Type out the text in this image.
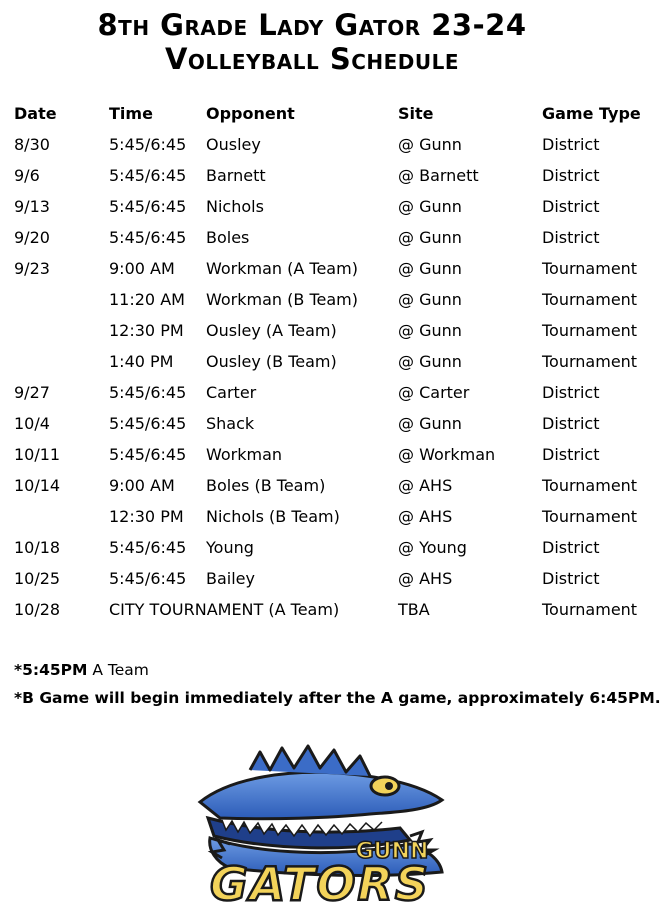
8th Grade Lady Gator 23-24
Volleyball Schedule
Date	Time	Opponent	Site	Game Type
8/30	5:45/6:45	Ousley	@ Gunn	District
9/6	5:45/6:45	Barnett	@ Barnett	District
9/13	5:45/6:45	Nichols	@ Gunn	District
9/20	5:45/6:45	Boles	@ Gunn	District
9/23	9:00 AM	Workman (A Team)	@ Gunn	Tournament
	11:20 AM	Workman (B Team)	@ Gunn	Tournament
	12:30 PM	Ousley (A Team)	@ Gunn	Tournament
	1:40 PM	Ousley (B Team)	@ Gunn	Tournament
9/27	5:45/6:45	Carter	@ Carter	District
10/4	5:45/6:45	Shack	@ Gunn	District
10/11	5:45/6:45	Workman	@ Workman	District
10/14	9:00 AM	Boles (B Team)	@ AHS	Tournament
	12:30 PM	Nichols (B Team)	@ AHS	Tournament
10/18	5:45/6:45	Young	@ Young	District
10/25	5:45/6:45	Bailey	@ AHS	District
10/28	CITY TOURNAMENT (A Team)		TBA	Tournament
*5:45PM A Team
*B Game will begin immediately after the A game, approximately 6:45PM.
GUNN
GATORS
